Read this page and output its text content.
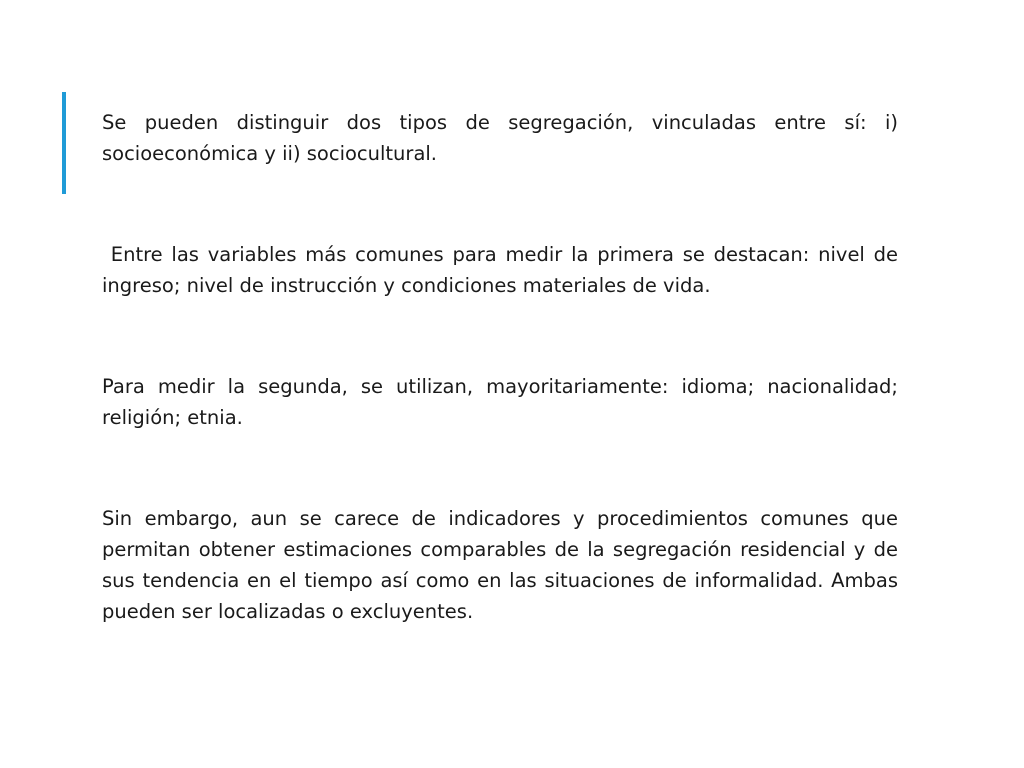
Se pueden distinguir dos tipos de segregación, vinculadas entre sí: i) socioeconómica y ii) sociocultural.

Entre las variables más comunes para medir la primera se destacan: nivel de ingreso; nivel de instrucción y condiciones materiales de vida.

Para medir la segunda, se utilizan, mayoritariamente: idioma; nacionalidad; religión; etnia.

Sin embargo, aun se carece de indicadores y procedimientos comunes que permitan obtener estimaciones comparables de la segregación residencial y de sus tendencia en el tiempo así como en las situaciones de informalidad. Ambas pueden ser localizadas o excluyentes.
